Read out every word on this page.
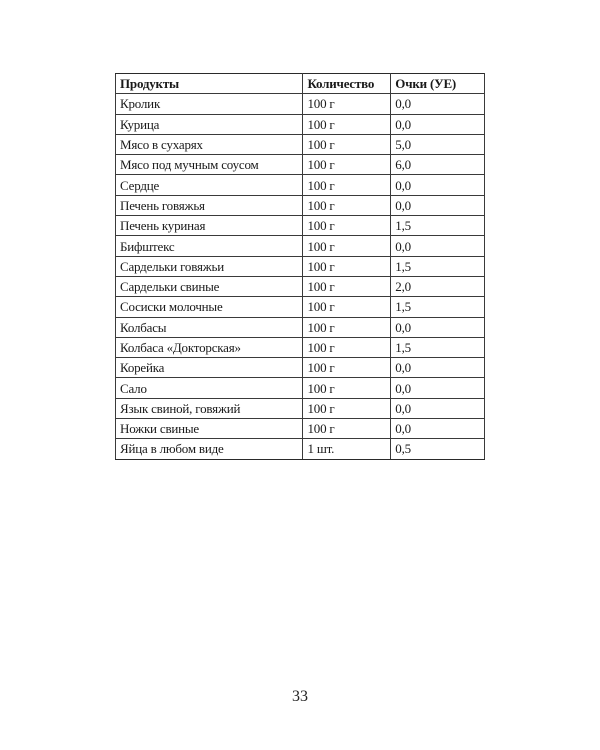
Продукты	Количество	Очки (УЕ)
Кролик	100 г	0,0
Курица	100 г	0,0
Мясо в сухарях	100 г	5,0
Мясо под мучным соусом	100 г	6,0
Сердце	100 г	0,0
Печень говяжья	100 г	0,0
Печень куриная	100 г	1,5
Бифштекс	100 г	0,0
Сардельки говяжьи	100 г	1,5
Сардельки свиные	100 г	2,0
Сосиски молочные	100 г	1,5
Колбасы	100 г	0,0
Колбаса «Докторская»	100 г	1,5
Корейка	100 г	0,0
Сало	100 г	0,0
Язык свиной, говяжий	100 г	0,0
Ножки свиные	100 г	0,0
Яйца в любом виде	1 шт.	0,5
33
